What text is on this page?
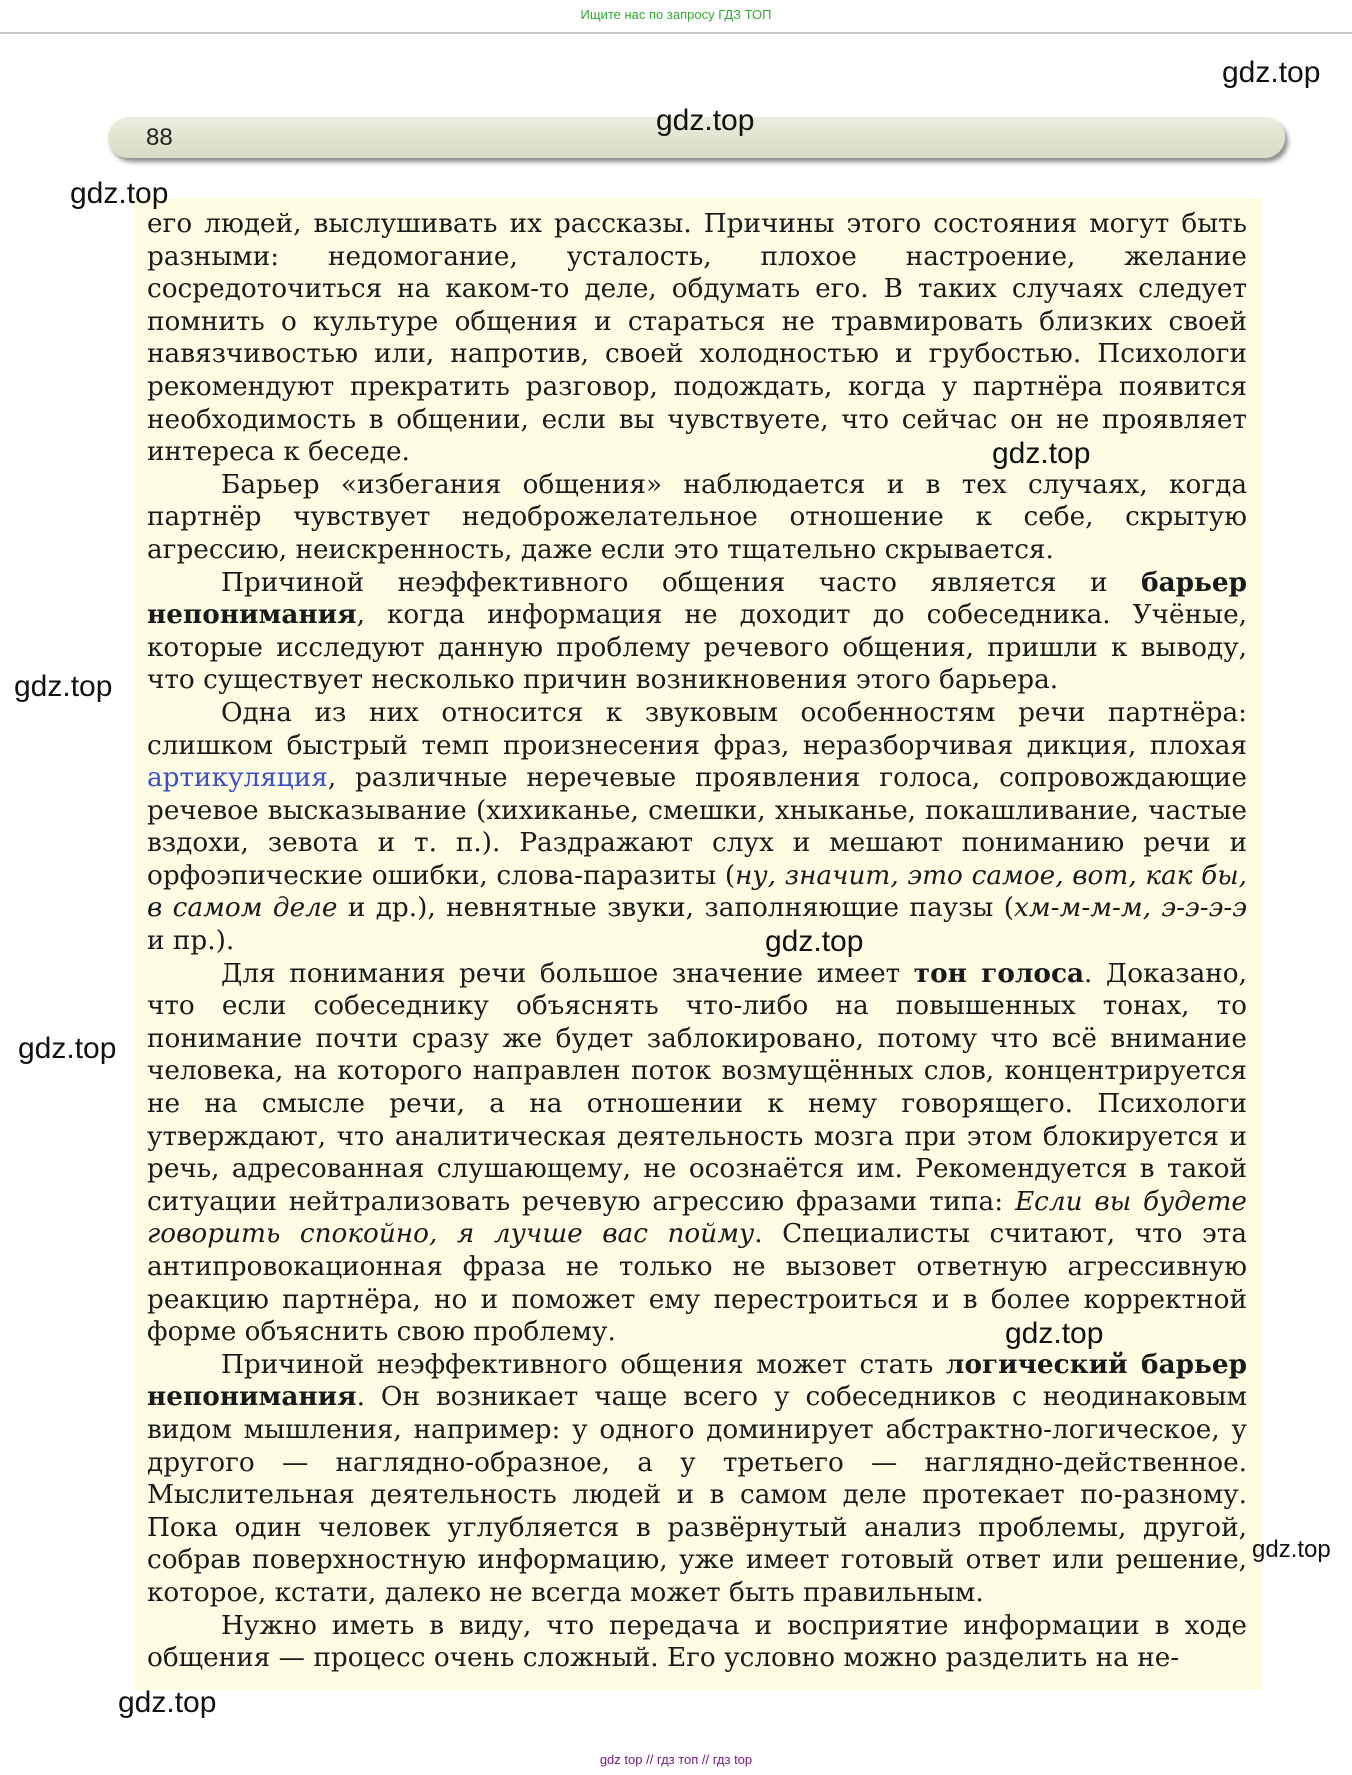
Ищите нас по запросу ГДЗ ТОП
88

его людей, выслушивать их рассказы. Причины этого состояния могут быть разными: недомогание, усталость, плохое настроение, желание сосредоточиться на каком-то деле, обдумать его. В таких случаях следует помнить о культуре общения и стараться не травмировать близких своей навязчивостью или, напротив, своей холодностью и грубостью. Психологи рекомендуют прекратить разговор, подождать, когда у партнёра появится необходимость в общении, если вы чувствуете, что сейчас он не проявляет интереса к беседе.

Барьер «избегания общения» наблюдается и в тех случаях, когда партнёр чувствует недоброжелательное отношение к себе, скрытую агрессию, неискренность, даже если это тщательно скрывается.

Причиной неэффективного общения часто является и барьер непонимания, когда информация не доходит до собеседника. Учёные, которые исследуют данную проблему речевого общения, пришли к выводу, что существует несколько причин возникновения этого барьера.

Одна из них относится к звуковым особенностям речи партнёра: слишком быстрый темп произнесения фраз, неразборчивая дикция, плохая артикуляция, различные неречевые проявления голоса, сопровождающие речевое высказывание (хихиканье, смешки, хныканье, покашливание, частые вздохи, зевота и т. п.). Раздражают слух и мешают пониманию речи и орфоэпические ошибки, слова-паразиты (ну, значит, это самое, вот, как бы, в самом деле и др.), невнятные звуки, заполняющие паузы (хм-м-м-м, э-э-э-э и пр.).

Для понимания речи большое значение имеет тон голоса. Доказано, что если собеседнику объяснять что-либо на повышенных тонах, то понимание почти сразу же будет заблокировано, потому что всё внимание человека, на которого направлен поток возмущённых слов, концентрируется не на смысле речи, а на отношении к нему говорящего. Психологи утверждают, что аналитическая деятельность мозга при этом блокируется и речь, адресованная слушающему, не осознаётся им. Рекомендуется в такой ситуации нейтрализовать речевую агрессию фразами типа: Если вы будете говорить спокойно, я лучше вас пойму. Специалисты считают, что эта антипровокационная фраза не только не вызовет ответную агрессивную реакцию партнёра, но и поможет ему перестроиться и в более корректной форме объяснить свою проблему.

Причиной неэффективного общения может стать логический барьер непонимания. Он возникает чаще всего у собеседников с неодинаковым видом мышления, например: у одного доминирует абстрактно-логическое, у другого — наглядно-образное, а у третьего — наглядно-действенное. Мыслительная деятельность людей и в самом деле протекает по-разному. Пока один человек углубляется в развёрнутый анализ проблемы, другой, собрав поверхностную информацию, уже имеет готовый ответ или решение, которое, кстати, далеко не всегда может быть правильным.

Нужно иметь в виду, что передача и восприятие информации в ходе общения — процесс очень сложный. Его условно можно разделить на не-

gdz.top
gdz.top
gdz.top
gdz.top
gdz.top
gdz.top
gdz.top
gdz.top
gdz.top
gdz.top
gdz top // гдз топ // гдз top
